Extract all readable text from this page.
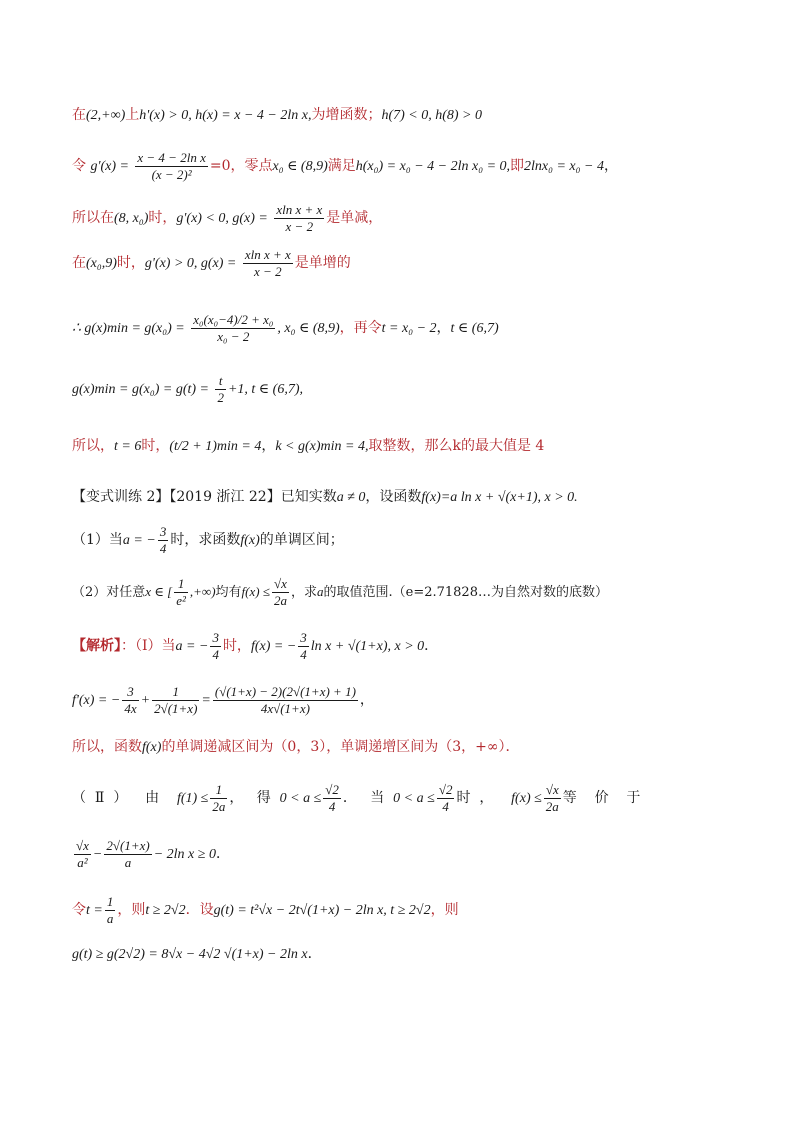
在(2,+∞)上h'(x) > 0, h(x) = x − 4 − 2ln x,为增函数；h(7) < 0, h(8) > 0
令 $g'(x) = \frac{\text{x − 4 − 2ln x}}{\text{(x − 2)²}} =0$，零点x₀ ∈ (8,9)满足h(x₀) = x₀ − 4 − 2ln x₀ = 0,即2lnx₀ = x₀ − 4，
所以在(8, x₀)时，g'(x) < 0, $g(x) = \frac{\text{xln x + x}}{x - 2}$ 是单减，
在(x₀,9)时，g'(x) > 0, $g(x) = \frac{\text{xln x + x}}{x - 2}$ 是单增的
∴ $g(x)\min = g(x_0) = \frac{\text{x₀(x₀−4)/2 + x₀}}{\text{x₀ − 2}}$ , x₀ ∈ (8,9)，再令t = x₀ − 2，t ∈ (6,7)
$g(x)\min = g(x_0) = g(t) = \frac{t}{2} +1$, t ∈ (6,7),
所以，t = 6时，(t/2 + 1)min = 4，k < g(x)min = 4,取整数，那么k的最大值是 4
【变式训练 2】【2019 浙江 22】已知实数a ≠ 0，设函数f(x)=a ln x + √(x+1), x > 0.
（1）当a = − $\frac{3}{4}$ 时，求函数f(x)的单调区间；
（2）对任意x ∈ [ $\frac{1}{\text{e²}}$ ,+∞)均有$f(x) \le \frac{√x}{2a}$ ，求a的取值范围.（e=2.71828…为自然对数的底数）
【解析】：（Ⅰ）当a = − $\frac{3}{4}$ 时，f(x) = − $\frac{3}{4}$ ln x + √(1+x), x > 0．
f'(x) = − $\frac{3}{4x} + \frac{1}{2√(1+x)} = \frac{(√(1+x) - 2)(2√(1+x) + 1)}{4x√(1+x)}$ ，
所以，函数f(x)的单调递减区间为（0，3），单调递增区间为（3，+∞）．
（ Ⅱ ） 由 $f(1) \le \frac{1}{2a}$ ， 得 $0 < a \le \frac{√2}{4}$ ． 当 $0 < a \le \frac{√2}{4}$ 时 ， $f(x) \le \frac{√x}{2a}$ 等 价 于
$\frac{√x}{\text{a²}} - \frac{2√(1+x)}{a} - 2\ln$ x ≥ 0．
令$t = \frac{1}{a}$ ，则t ≥ 2√2．设g(t) = t²√x − 2t√(1+x) − 2ln x, t ≥ 2√2，则
g(t) ≥ g(2√2) = 8√x − 4√2 √(1+x) − 2ln x．
